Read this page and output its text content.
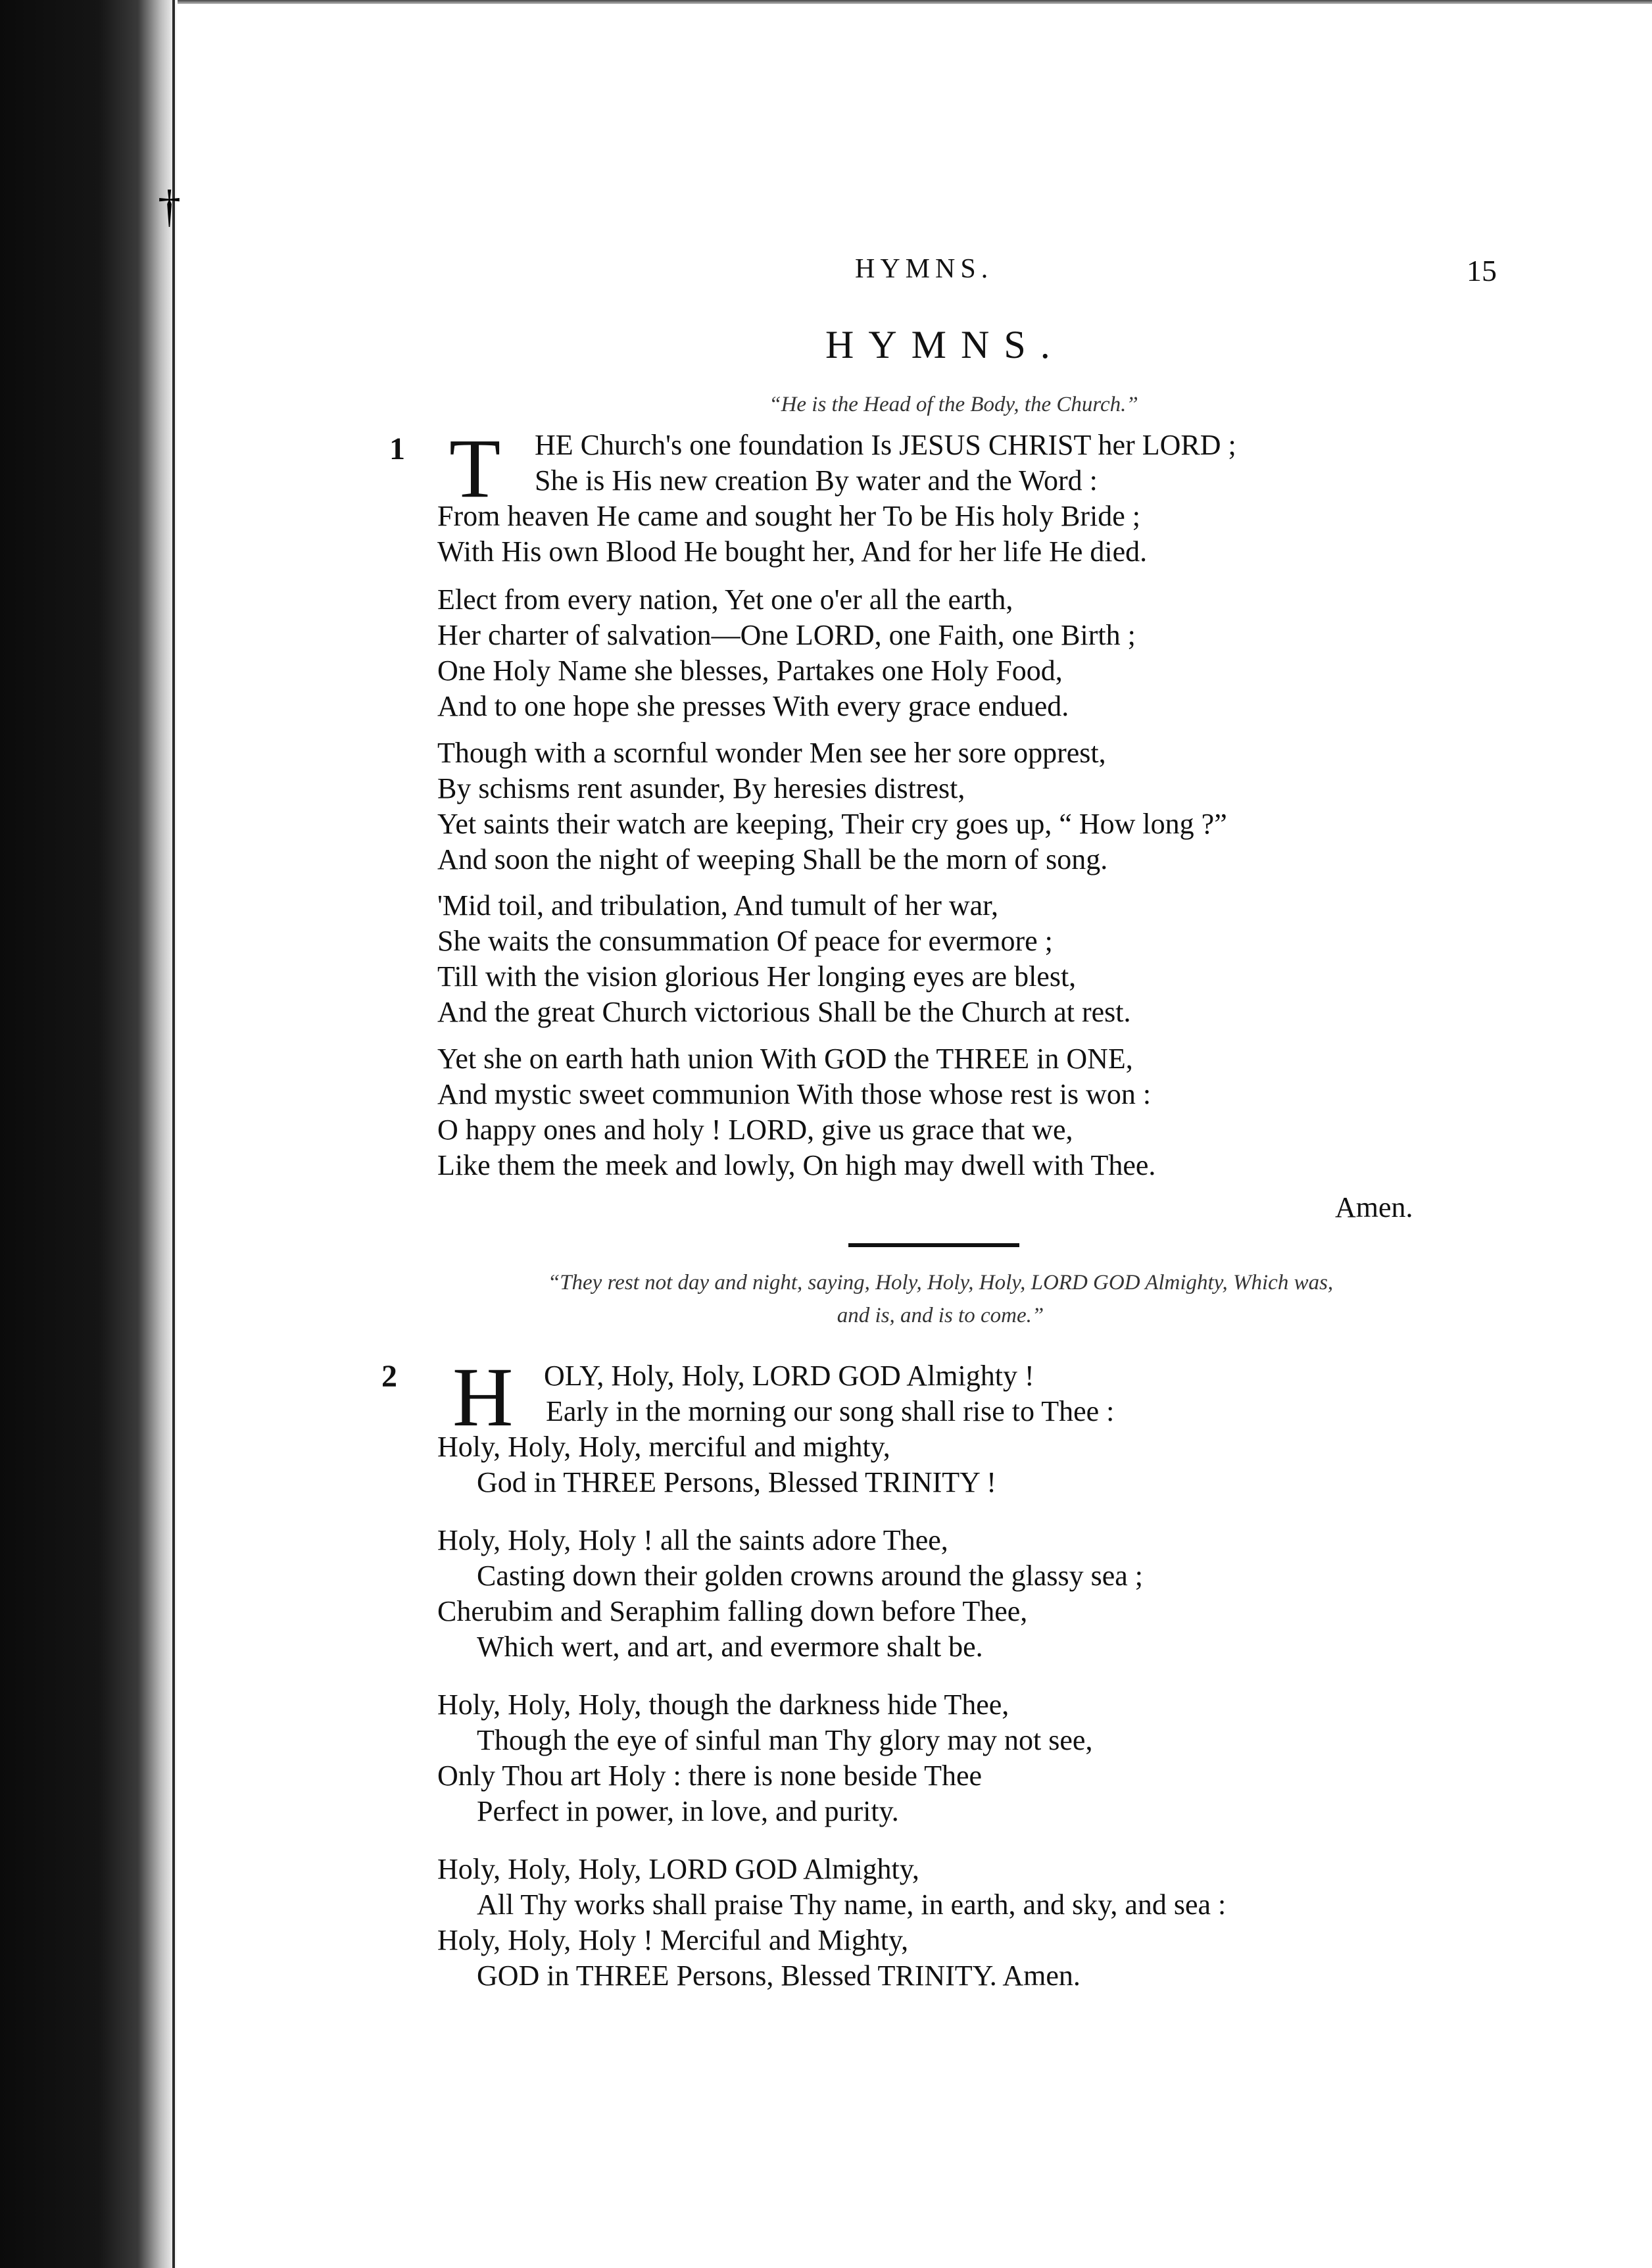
†
HYMNS.	15
HYMNS.
“He is the Head of the Body, the Church.”
1 T	HE Church's one foundation Is JESUS CHRIST her LORD ;
She is His new creation By water and the Word :
From heaven He came and sought her To be His holy Bride ;
With His own Blood He bought her, And for her life He died.
Elect from every nation, Yet one o'er all the earth,
Her charter of salvation—One LORD, one Faith, one Birth ;
One Holy Name she blesses, Partakes one Holy Food,
And to one hope she presses With every grace endued.
Though with a scornful wonder Men see her sore opprest,
By schisms rent asunder, By heresies distrest,
Yet saints their watch are keeping, Their cry goes up, “ How long ?”
And soon the night of weeping Shall be the morn of song.
'Mid toil, and tribulation, And tumult of her war,
She waits the consummation Of peace for evermore ;
Till with the vision glorious Her longing eyes are blest,
And the great Church victorious Shall be the Church at rest.
Yet she on earth hath union With GOD the THREE in ONE,
And mystic sweet communion With those whose rest is won :
O happy ones and holy ! LORD, give us grace that we,
Like them the meek and lowly, On high may dwell with Thee.
Amen.
“They rest not day and night, saying, Holy, Holy, Holy, LORD GOD Almighty, Which was,
and is, and is to come.”
2 H	OLY, Holy, Holy, LORD GOD Almighty !
Early in the morning our song shall rise to Thee :
Holy, Holy, Holy, merciful and mighty,
God in THREE Persons, Blessed TRINITY !
Holy, Holy, Holy ! all the saints adore Thee,
Casting down their golden crowns around the glassy sea ;
Cherubim and Seraphim falling down before Thee,
Which wert, and art, and evermore shalt be.
Holy, Holy, Holy, though the darkness hide Thee,
Though the eye of sinful man Thy glory may not see,
Only Thou art Holy : there is none beside Thee
Perfect in power, in love, and purity.
Holy, Holy, Holy, LORD GOD Almighty,
All Thy works shall praise Thy name, in earth, and sky, and sea :
Holy, Holy, Holy ! Merciful and Mighty,
GOD in THREE Persons, Blessed TRINITY. Amen.
